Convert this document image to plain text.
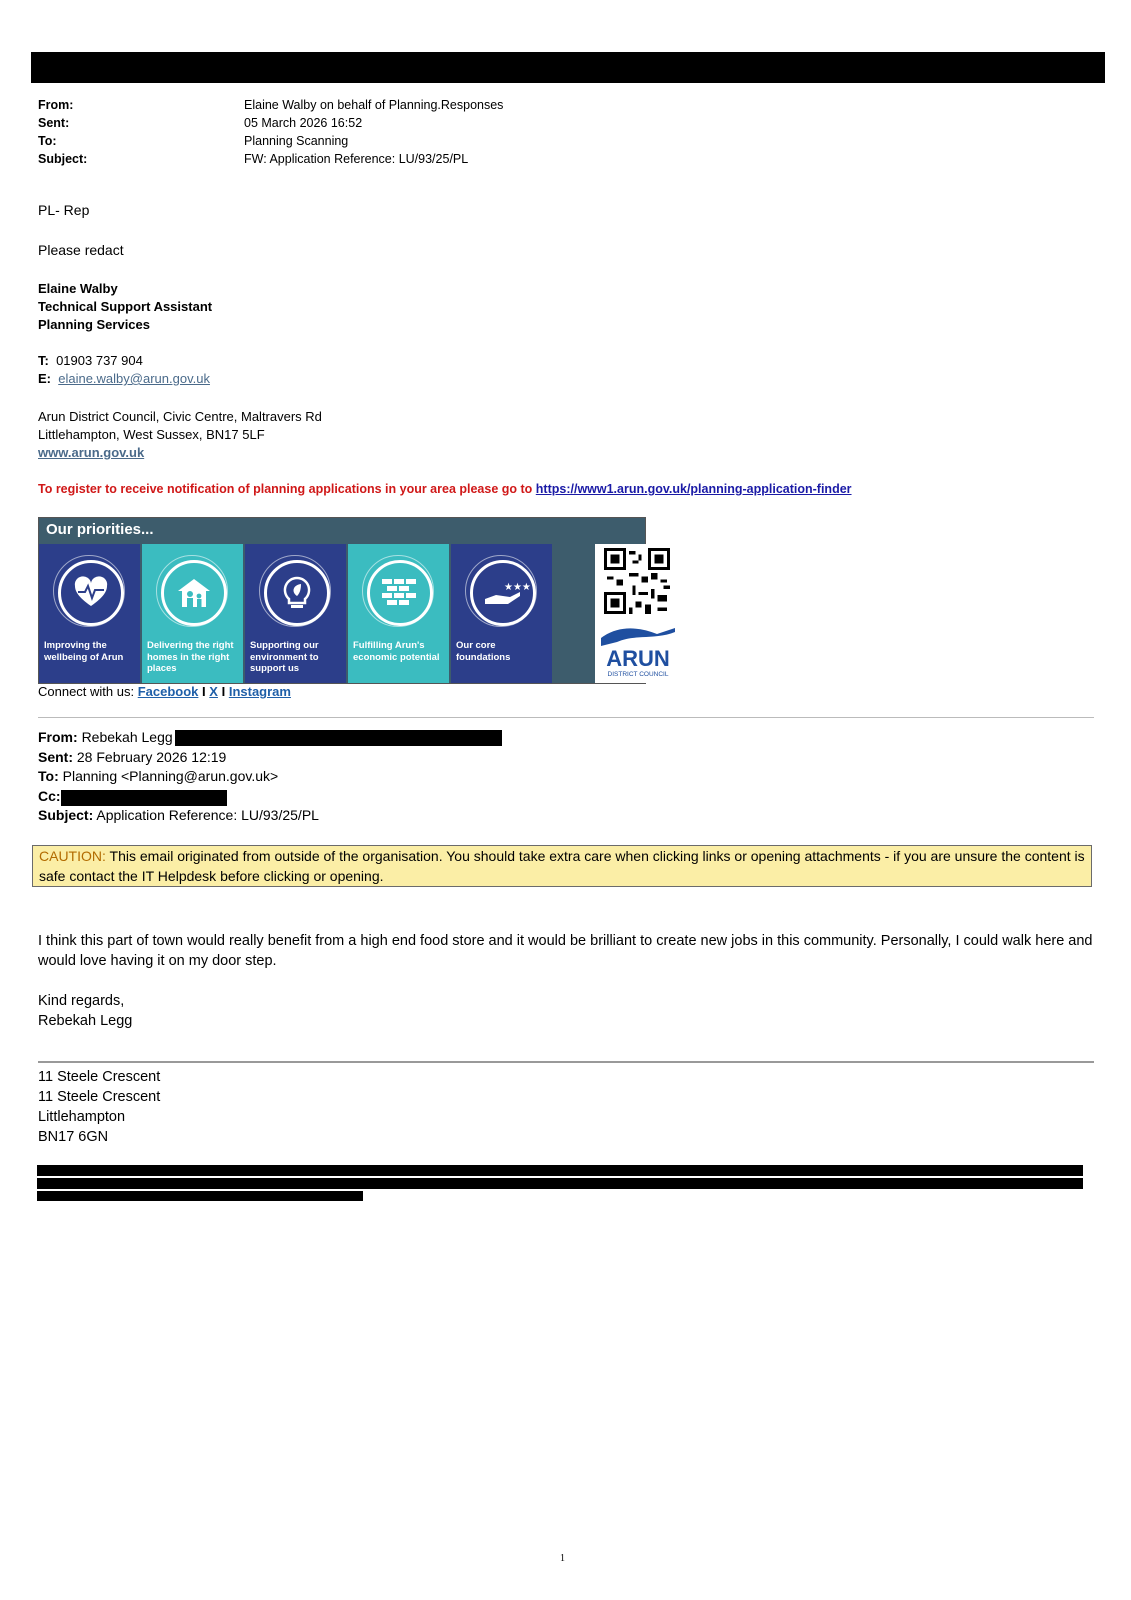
From:	Elaine Walby on behalf of Planning.Responses
Sent:	05 March 2026 16:52
To:	Planning Scanning
Subject:	FW: Application Reference: LU/93/25/PL
PL- Rep
Please redact
Elaine Walby
Technical Support Assistant
Planning Services
T: 01903 737 904
E: elaine.walby@arun.gov.uk
Arun District Council, Civic Centre, Maltravers Rd
Littlehampton, West Sussex, BN17 5LF
www.arun.gov.uk
To register to receive notification of planning applications in your area please go to https://www1.arun.gov.uk/planning-application-finder
Our priorities...
Improving the wellbeing of Arun
Delivering the right homes in the right places
Supporting our environment to support us
Fulfilling Arun's economic potential
★★★
Our core foundations	ARUN
DISTRICT COUNCIL
Connect with us: Facebook I X I Instagram
From: Rebekah Legg
Sent: 28 February 2026 12:19
To: Planning <Planning@arun.gov.uk>
Cc:
Subject: Application Reference: LU/93/25/PL
CAUTION: This email originated from outside of the organisation. You should take extra care when clicking links or opening attachments - if you are unsure the content is safe contact the IT Helpdesk before clicking or opening.
I think this part of town would really benefit from a high end food store and it would be brilliant to create new jobs in this community. Personally, I could walk here and would love having it on my door step.
Kind regards,
Rebekah Legg
11 Steele Crescent
11 Steele Crescent
Littlehampton
BN17 6GN
1
